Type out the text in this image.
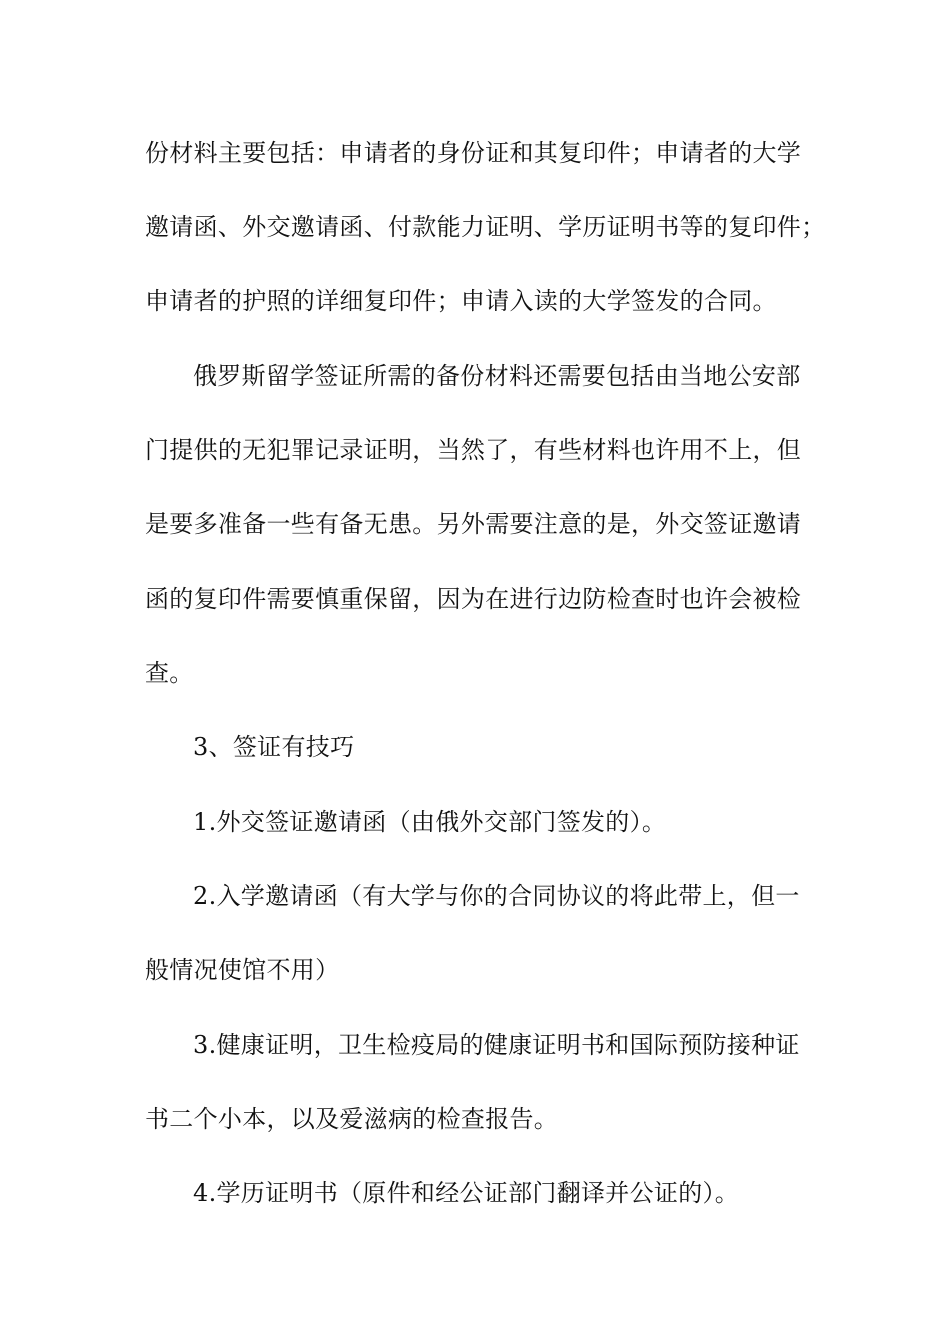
份材料主要包括：申请者的身份证和其复印件；申请者的大学
邀请函、外交邀请函、付款能力证明、学历证明书等的复印件；
申请者的护照的详细复印件；申请入读的大学签发的合同。
俄罗斯留学签证所需的备份材料还需要包括由当地公安部
门提供的无犯罪记录证明，当然了，有些材料也许用不上，但
是要多准备一些有备无患。另外需要注意的是，外交签证邀请
函的复印件需要慎重保留，因为在进行边防检查时也许会被检
查。
3、签证有技巧
1.外交签证邀请函（由俄外交部门签发的）。
2.入学邀请函（有大学与你的合同协议的将此带上，但一
般情况使馆不用）
3.健康证明，卫生检疫局的健康证明书和国际预防接种证
书二个小本，以及爱滋病的检查报告。
4.学历证明书（原件和经公证部门翻译并公证的）。
